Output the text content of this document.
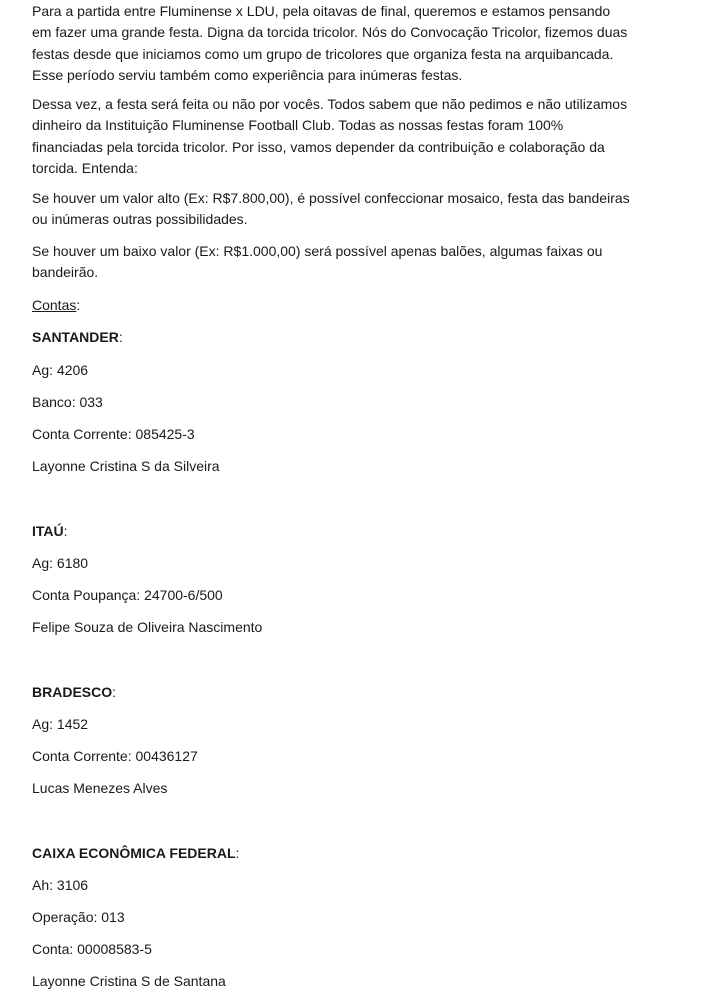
Para a partida entre Fluminense x LDU, pela oitavas de final, queremos e estamos pensando em fazer uma grande festa. Digna da torcida tricolor. Nós do Convocação Tricolor, fizemos duas festas desde que iniciamos como um grupo de tricolores que organiza festa na arquibancada. Esse período serviu também como experiência para inúmeras festas.

Dessa vez, a festa será feita ou não por vocês. Todos sabem que não pedimos e não utilizamos dinheiro da Instituição Fluminense Football Club. Todas as nossas festas foram 100% financiadas pela torcida tricolor. Por isso, vamos depender da contribuição e colaboração da torcida. Entenda:

Se houver um valor alto (Ex: R$7.800,00), é possível confeccionar mosaico, festa das bandeiras ou inúmeras outras possibilidades.

Se houver um baixo valor (Ex: R$1.000,00) será possível apenas balões, algumas faixas ou bandeirão.

Contas:
SANTANDER:
Ag: 4206
Banco: 033
Conta Corrente: 085425-3
Layonne Cristina S da Silveira
ITAÚ:
Ag: 6180
Conta Poupança: 24700-6/500
Felipe Souza de Oliveira Nascimento
BRADESCO:
Ag: 1452
Conta Corrente: 00436127
Lucas Menezes Alves
CAIXA ECONÔMICA FEDERAL:
Ah: 3106
Operação: 013
Conta: 00008583-5
Layonne Cristina S de Santana
